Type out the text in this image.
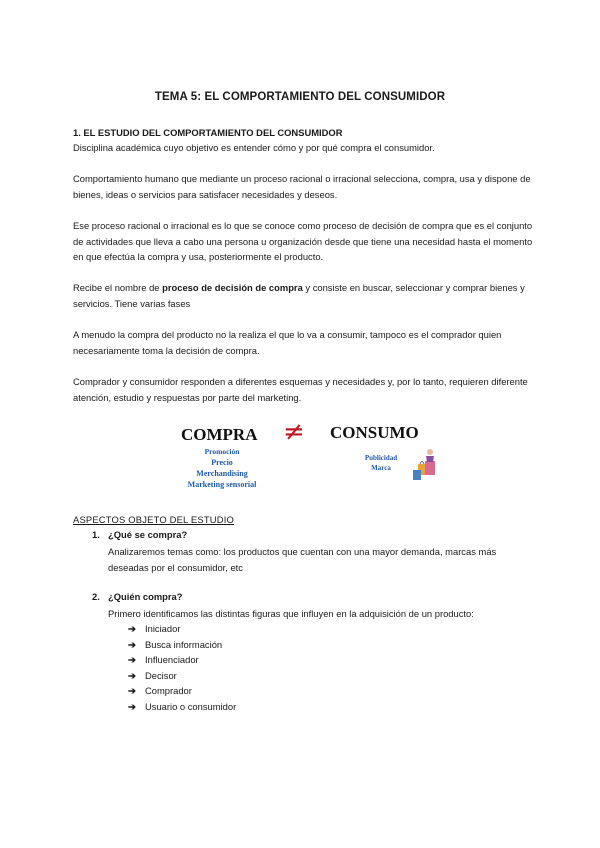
TEMA 5: EL COMPORTAMIENTO DEL CONSUMIDOR
1. EL ESTUDIO DEL COMPORTAMIENTO DEL CONSUMIDOR
Disciplina académica cuyo objetivo es entender cómo y por qué compra el consumidor.
Comportamiento humano que mediante un proceso racional o irracional selecciona, compra, usa y dispone de bienes, ideas o servicios para satisfacer necesidades y deseos.
Ese proceso racional o irracional es lo que se conoce como proceso de decisión de compra que es el conjunto de actividades que lleva a cabo una persona u organización desde que tiene una necesidad hasta el momento en que efectúa la compra y usa, posteriormente el producto.
Recibe el nombre de proceso de decisión de compra y consiste en buscar, seleccionar y comprar bienes y servicios. Tiene varias fases
A menudo la compra del producto no la realiza el que lo va a consumir, tampoco es el comprador quien necesariamente toma la decisión de compra.
Comprador y consumidor responden a diferentes esquemas y necesidades y, por lo tanto, requieren diferente atención, estudio y respuestas por parte del marketing.
COMPRA ≠ CONSUMO
Promoción
Precio
Merchandising
Marketing sensorial
Publicidad
Marca
ASPECTOS OBJETO DEL ESTUDIO
1. ¿Qué se compra?
Analizaremos temas como: los productos que cuentan con una mayor demanda, marcas más deseadas por el consumidor, etc
2. ¿Quién compra?
Primero identificamos las distintas figuras que influyen en la adquisición de un producto:
➔ Iniciador
➔ Busca información
➔ Influenciador
➔ Decisor
➔ Comprador
➔ Usuario o consumidor
